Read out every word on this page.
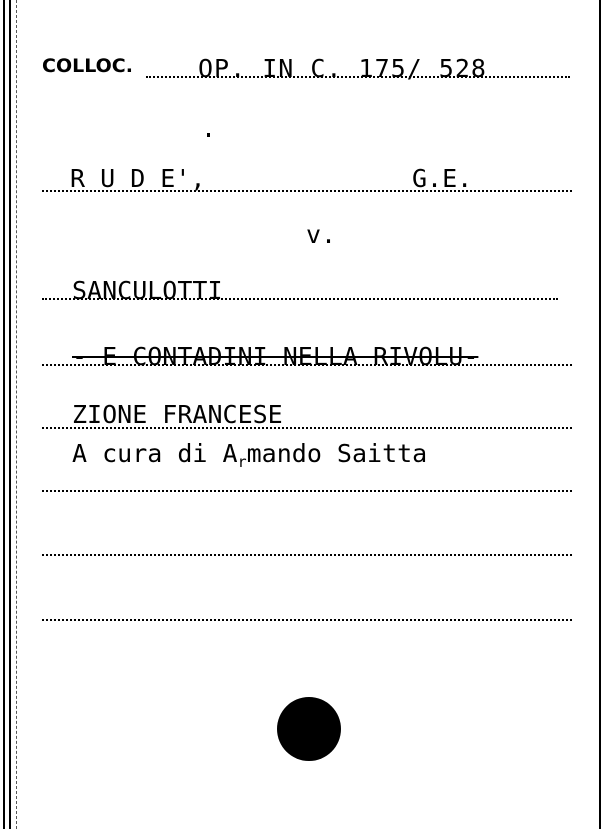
COLLOC.	OP. IN C. 175/ 528
R U D E',	G.E.
v.
SANCULOTTI
- E CONTADINI NELLA RIVOLU-
ZIONE FRANCESE
A cura di $A_rmando$ Saitta
